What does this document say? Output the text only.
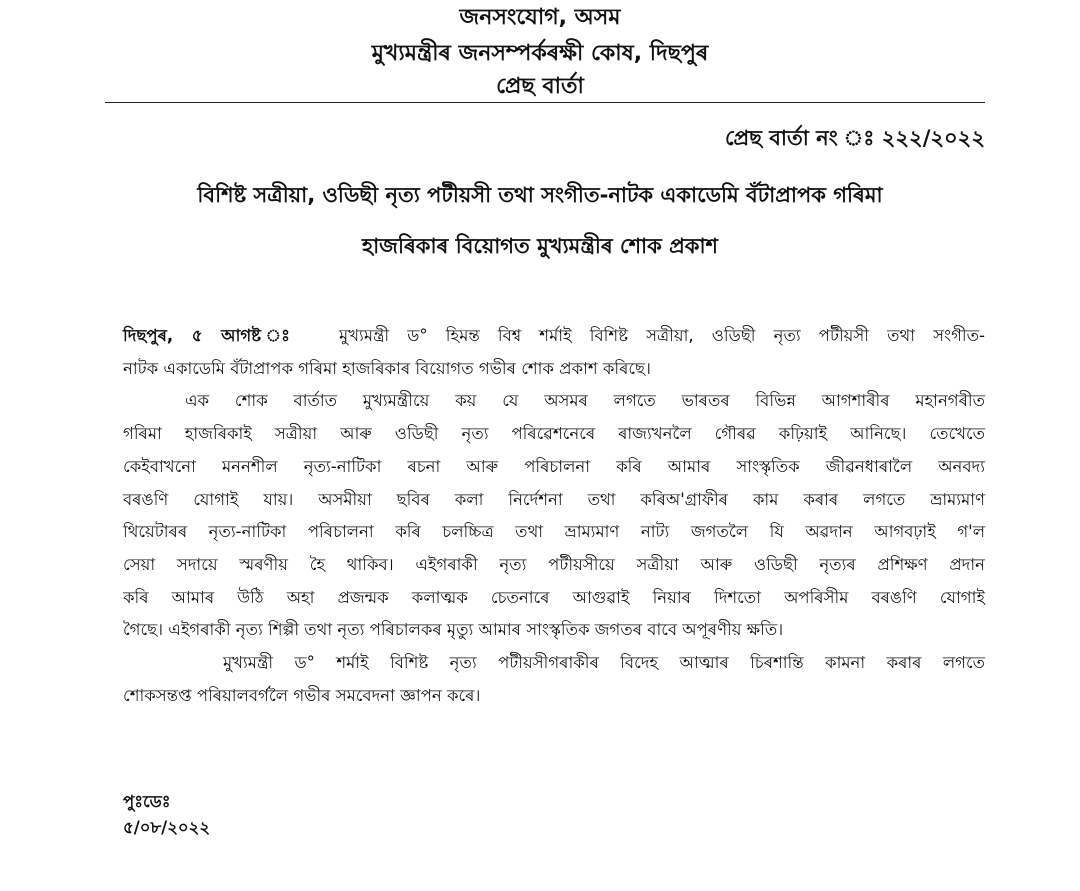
জনসংযোগ, অসম
মুখ্যমন্ত্ৰীৰ জনসম্পৰ্কৰক্ষী কোষ, দিছপুৰ
প্ৰেছ বাৰ্তা
প্ৰেছ বাৰ্তা নং ঃ ২২২/২০২২
বিশিষ্ট সত্ৰীয়া, ওডিছী নৃত্য পটীয়সী তথা সংগীত-নাটক একাডেমি বঁটাপ্ৰাপক গৰিমা
হাজৰিকাৰ বিয়োগত মুখ্যমন্ত্ৰীৰ শোক প্ৰকাশ

দিছপুৰ, ৫ আগষ্ট ঃ মুখ্যমন্ত্ৰী ড° হিমন্ত বিশ্ব শৰ্মাই বিশিষ্ট সত্ৰীয়া, ওডিছী নৃত্য পটীয়সী তথা সংগীত-

নাটক একাডেমি বঁটাপ্ৰাপক গৰিমা হাজৰিকাৰ বিয়োগত গভীৰ শোক প্ৰকাশ কৰিছে।

এক শোক বাৰ্তাত মুখ্যমন্ত্ৰীয়ে কয় যে অসমৰ লগতে ভাৰতৰ বিভিন্ন আগশাৰীৰ মহানগৰীত

গৰিমা হাজৰিকাই সত্ৰীয়া আৰু ওডিছী নৃত্য পৰিৱেশনেৰে ৰাজ্যখনলৈ গৌৰৱ কঢ়িয়াই আনিছে। তেখেতে

কেইবাখনো মননশীল নৃত্য-নাটিকা ৰচনা আৰু পৰিচালনা কৰি আমাৰ সাংস্কৃতিক জীৱনধাৰালৈ অনবদ্য

বৰঙণি যোগাই যায়। অসমীয়া ছবিৰ কলা নিৰ্দেশনা তথা কৰিঅ'গ্ৰাফীৰ কাম কৰাৰ লগতে ভ্ৰাম্যমাণ

থিয়েটাৰৰ নৃত্য-নাটিকা পৰিচালনা কৰি চলচ্চিত্ৰ তথা ভ্ৰাম্যমাণ নাট্য জগতলৈ যি অৱদান আগবঢ়াই গ'ল

সেয়া সদায়ে স্মৰণীয় হৈ থাকিব। এইগৰাকী নৃত্য পটীয়সীয়ে সত্ৰীয়া আৰু ওডিছী নৃত্যৰ প্ৰশিক্ষণ প্ৰদান

কৰি আমাৰ উঠি অহা প্ৰজন্মক কলাত্মক চেতনাৰে আগুৱাই নিয়াৰ দিশতো অপৰিসীম বৰঙণি যোগাই

গৈছে। এইগৰাকী নৃত্য শিল্পী তথা নৃত্য পৰিচালকৰ মৃত্যু আমাৰ সাংস্কৃতিক জগতৰ বাবে অপূৰণীয় ক্ষতি।

মুখ্যমন্ত্ৰী ড° শৰ্মাই বিশিষ্ট নৃত্য পটীয়সীগৰাকীৰ বিদেহ আত্মাৰ চিৰশান্তি কামনা কৰাৰ লগতে

শোকসন্তপ্ত পৰিয়ালবৰ্গলৈ গভীৰ সমবেদনা জ্ঞাপন কৰে।

পুঃডেঃ
৫/০৮/২০২২
